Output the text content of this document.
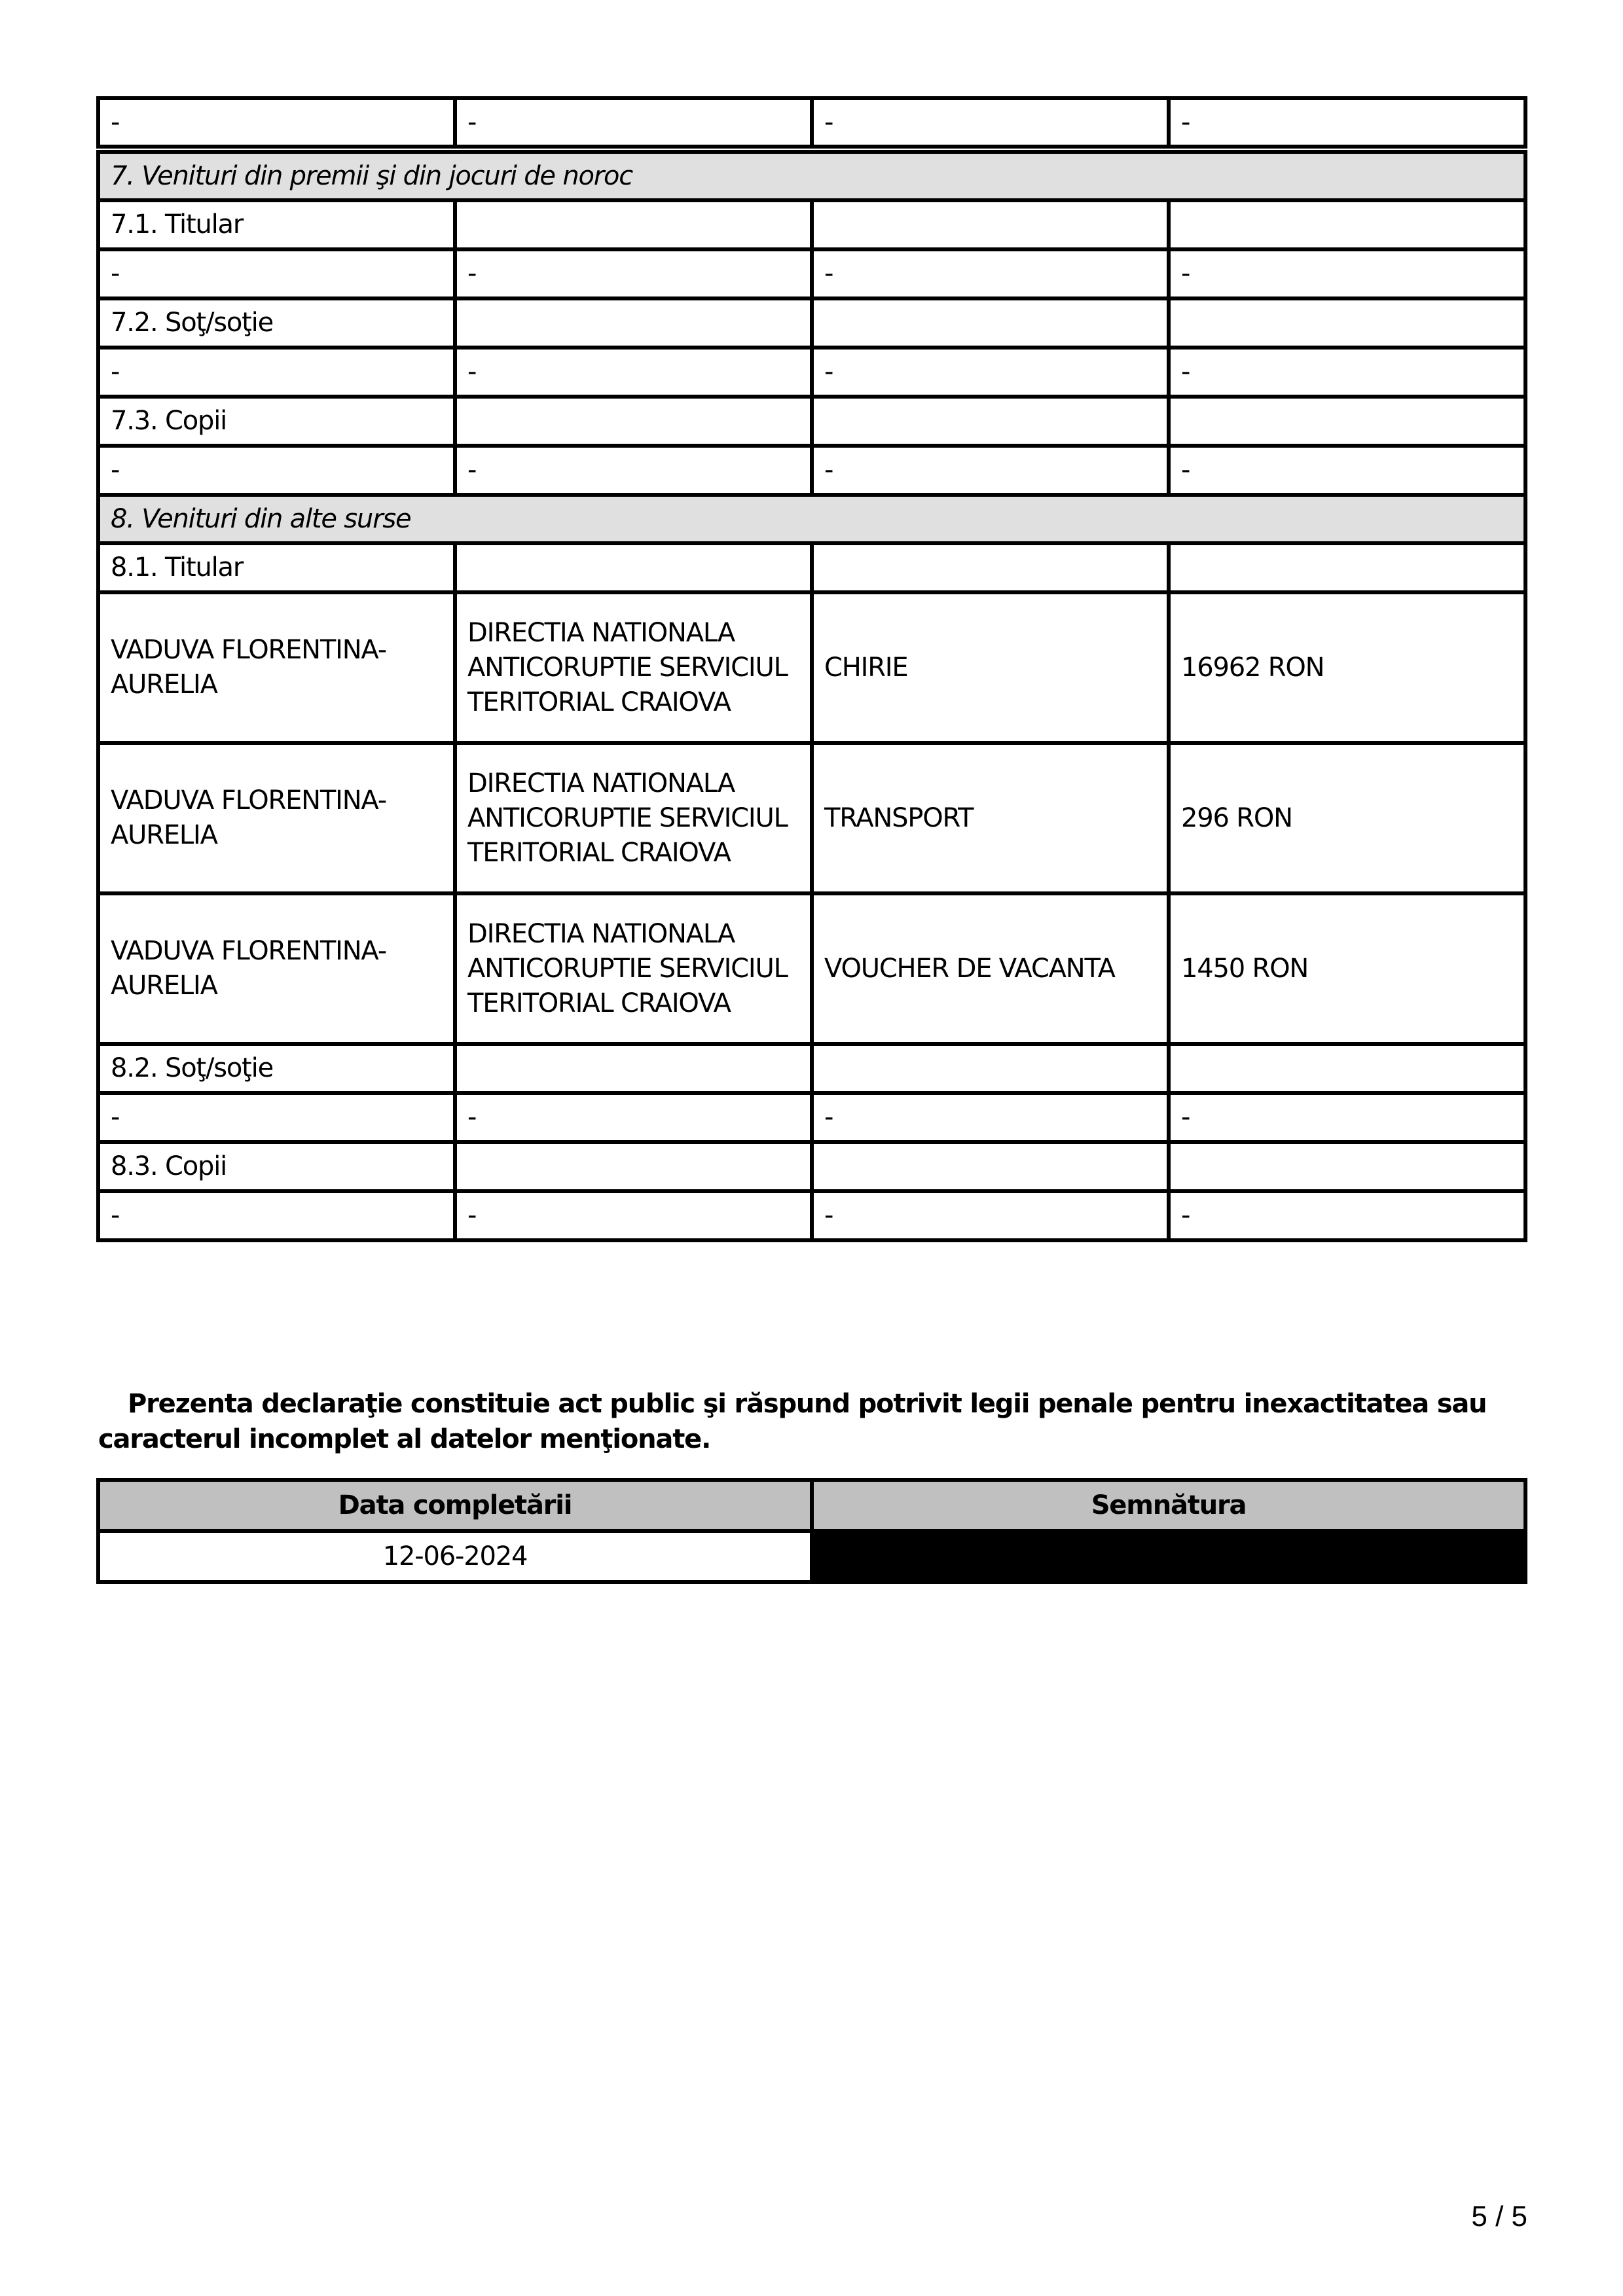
-	-	-	-
7. Venituri din premii şi din jocuri de noroc			
7.1. Titular			
-	-	-	-
7.2. Soţ/soţie			
-	-	-	-
7.3. Copii			
-	-	-	-
8. Venituri din alte surse			
8.1. Titular			
VADUVA FLORENTINA-AURELIA	DIRECTIA NATIONALA ANTICORUPTIE SERVICIUL TERITORIAL CRAIOVA	CHIRIE	16962 RON
VADUVA FLORENTINA-AURELIA	DIRECTIA NATIONALA ANTICORUPTIE SERVICIUL TERITORIAL CRAIOVA	TRANSPORT	296 RON
VADUVA FLORENTINA-AURELIA	DIRECTIA NATIONALA ANTICORUPTIE SERVICIUL TERITORIAL CRAIOVA	VOUCHER DE VACANTA	1450 RON
8.2. Soţ/soţie			
-	-	-	-
8.3. Copii			
-	-	-	-

Prezenta declaraţie constituie act public şi răspund potrivit legii penale pentru inexactitatea sau caracterul incomplet al datelor menţionate.

Data completării	Semnătura
12-06-2024	
5 / 5
